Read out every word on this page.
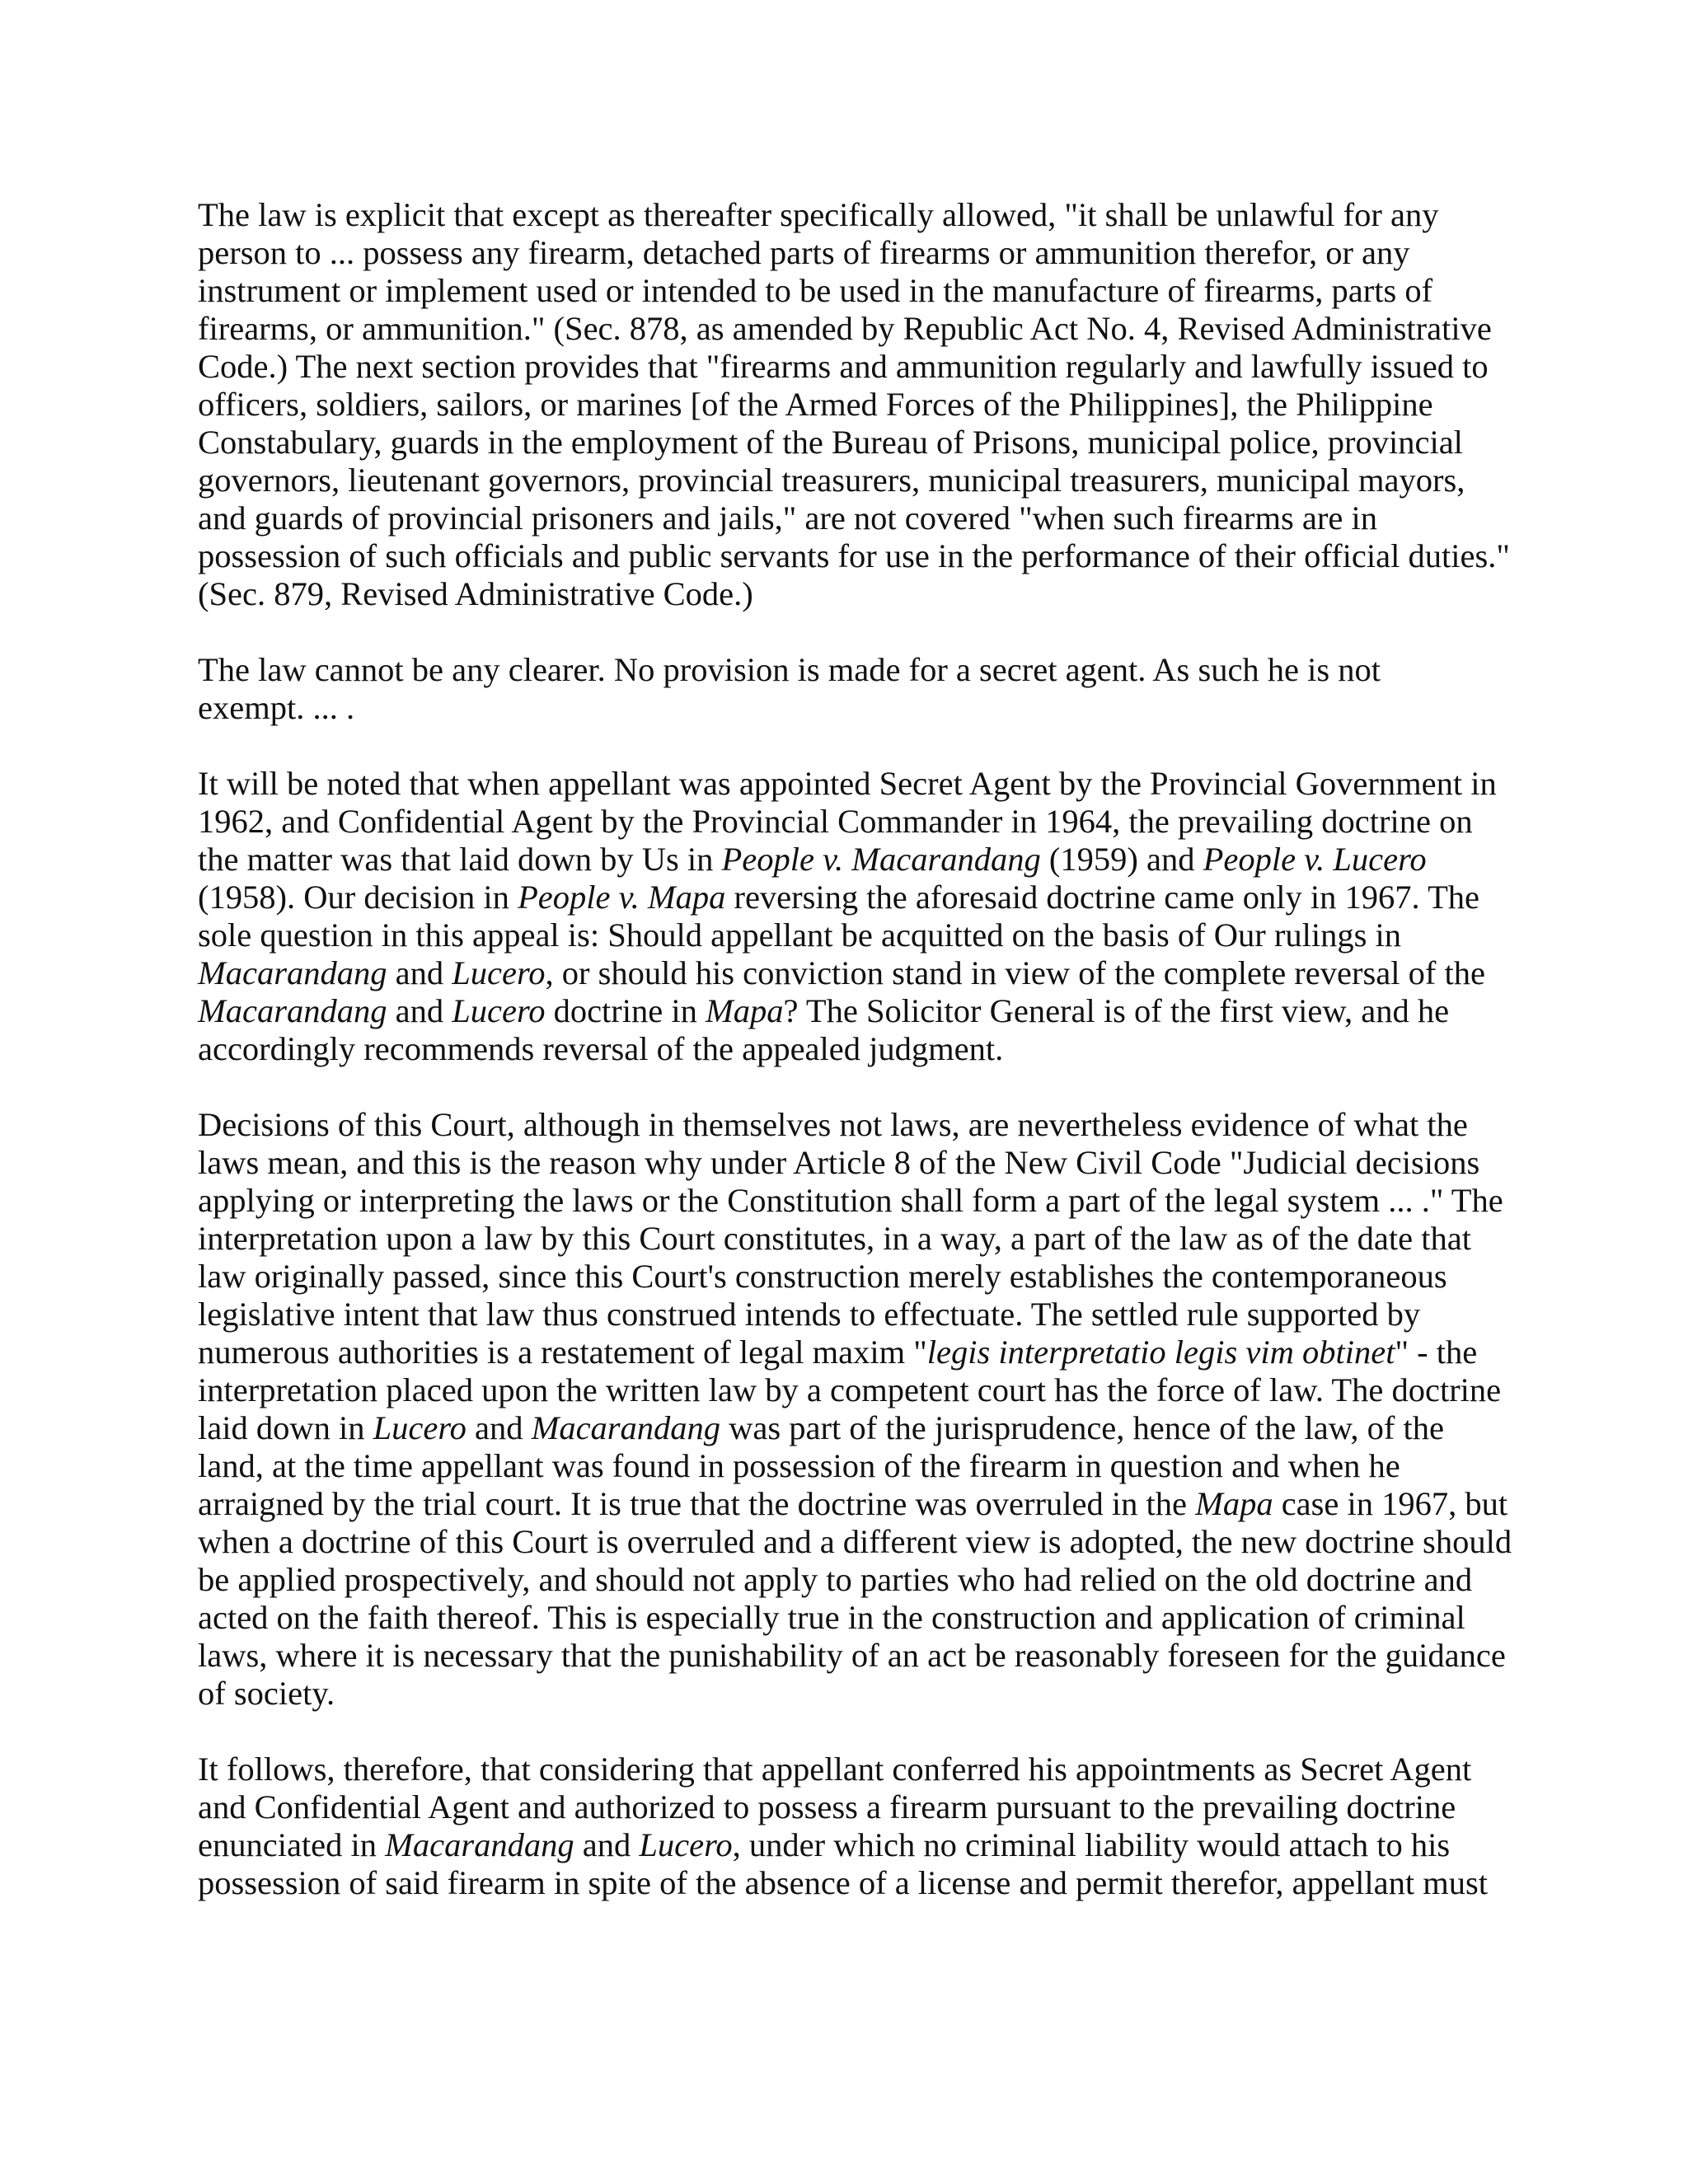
The law is explicit that except as thereafter specifically allowed, "it shall be unlawful for any
person to ... possess any firearm, detached parts of firearms or ammunition therefor, or any
instrument or implement used or intended to be used in the manufacture of firearms, parts of
firearms, or ammunition." (Sec. 878, as amended by Republic Act No. 4, Revised Administrative
Code.) The next section provides that "firearms and ammunition regularly and lawfully issued to
officers, soldiers, sailors, or marines [of the Armed Forces of the Philippines], the Philippine
Constabulary, guards in the employment of the Bureau of Prisons, municipal police, provincial
governors, lieutenant governors, provincial treasurers, municipal treasurers, municipal mayors,
and guards of provincial prisoners and jails," are not covered "when such firearms are in
possession of such officials and public servants for use in the performance of their official duties."
(Sec. 879, Revised Administrative Code.)

The law cannot be any clearer. No provision is made for a secret agent. As such he is not
exempt. ... .

It will be noted that when appellant was appointed Secret Agent by the Provincial Government in
1962, and Confidential Agent by the Provincial Commander in 1964, the prevailing doctrine on
the matter was that laid down by Us in People v. Macarandang (1959) and People v. Lucero
(1958). Our decision in People v. Mapa reversing the aforesaid doctrine came only in 1967. The
sole question in this appeal is: Should appellant be acquitted on the basis of Our rulings in
Macarandang and Lucero, or should his conviction stand in view of the complete reversal of the
Macarandang and Lucero doctrine in Mapa? The Solicitor General is of the first view, and he
accordingly recommends reversal of the appealed judgment.

Decisions of this Court, although in themselves not laws, are nevertheless evidence of what the
laws mean, and this is the reason why under Article 8 of the New Civil Code "Judicial decisions
applying or interpreting the laws or the Constitution shall form a part of the legal system ... ." The
interpretation upon a law by this Court constitutes, in a way, a part of the law as of the date that
law originally passed, since this Court's construction merely establishes the contemporaneous
legislative intent that law thus construed intends to effectuate. The settled rule supported by
numerous authorities is a restatement of legal maxim "legis interpretatio legis vim obtinet" - the
interpretation placed upon the written law by a competent court has the force of law. The doctrine
laid down in Lucero and Macarandang was part of the jurisprudence, hence of the law, of the
land, at the time appellant was found in possession of the firearm in question and when he
arraigned by the trial court. It is true that the doctrine was overruled in the Mapa case in 1967, but
when a doctrine of this Court is overruled and a different view is adopted, the new doctrine should
be applied prospectively, and should not apply to parties who had relied on the old doctrine and
acted on the faith thereof. This is especially true in the construction and application of criminal
laws, where it is necessary that the punishability of an act be reasonably foreseen for the guidance
of society.

It follows, therefore, that considering that appellant conferred his appointments as Secret Agent
and Confidential Agent and authorized to possess a firearm pursuant to the prevailing doctrine
enunciated in Macarandang and Lucero, under which no criminal liability would attach to his
possession of said firearm in spite of the absence of a license and permit therefor, appellant must
